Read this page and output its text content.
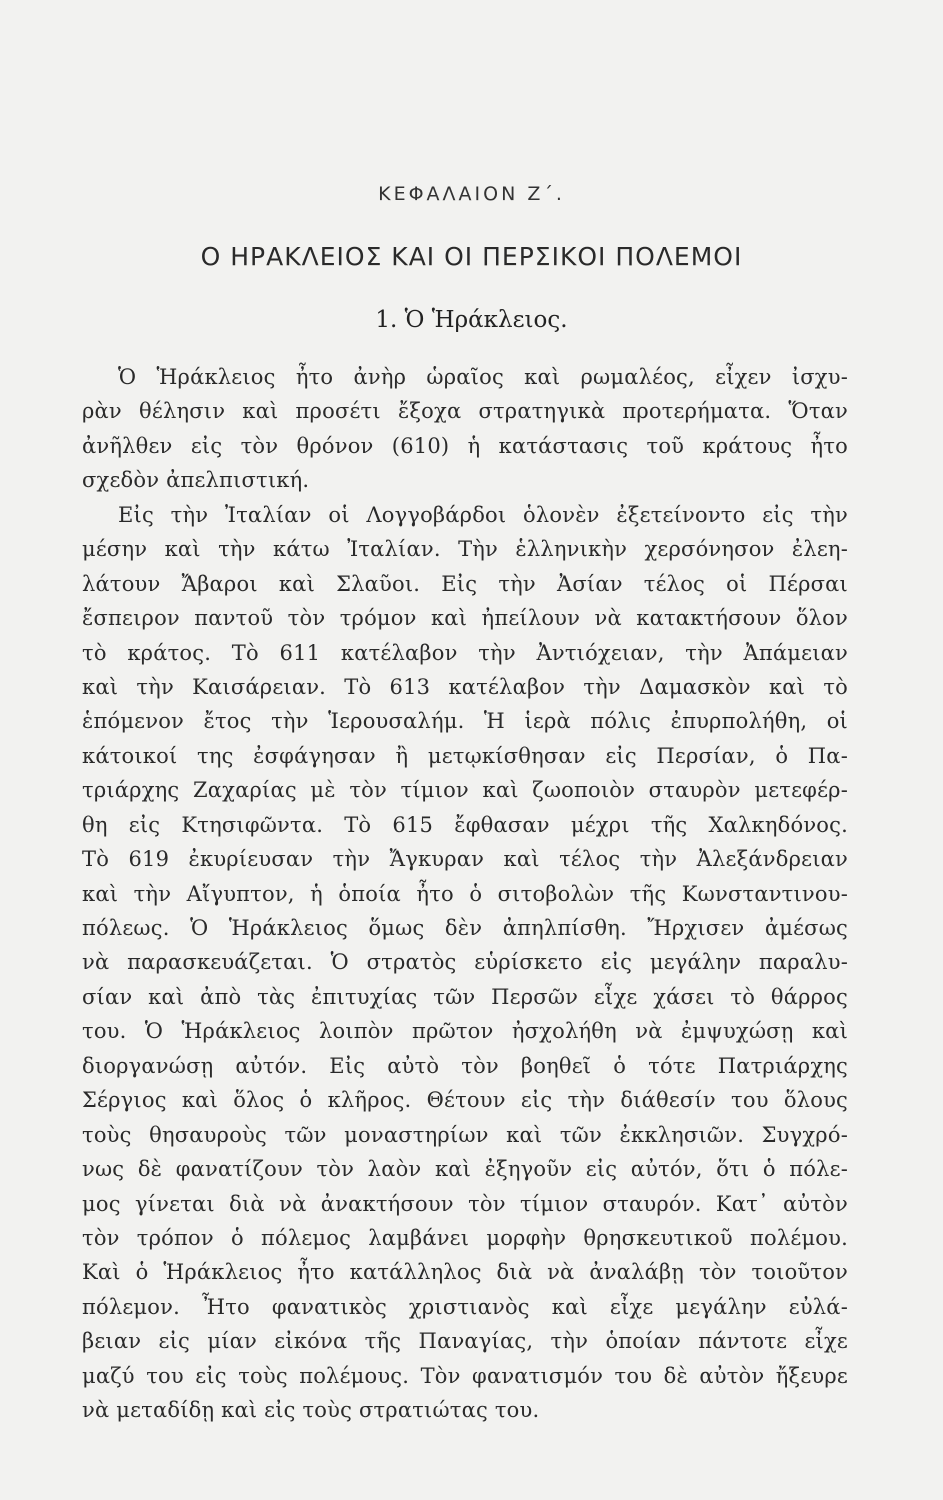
ΚΕΦΑΛΑΙΟΝ Ζ΄.
Ο ΗΡΑΚΛΕΙΟΣ ΚΑΙ ΟΙ ΠΕΡΣΙΚΟΙ ΠΟΛΕΜΟΙ
1. Ὁ Ἡράκλειος.
Ὁ Ἡράκλειος ἦτο ἀνὴρ ὡραῖος καὶ ρωμαλέος, εἶχεν ἰσχυ-
ρὰν θέλησιν καὶ προσέτι ἔξοχα στρατηγικὰ προτερήματα. Ὅταν
ἀνῆλθεν εἰς τὸν θρόνον (610) ἡ κατάστασις τοῦ κράτους ἦτο
σχεδὸν ἀπελπιστική.
Εἰς τὴν Ἰταλίαν οἱ Λογγοβάρδοι ὁλονὲν ἐξετείνοντο εἰς τὴν
μέσην καὶ τὴν κάτω Ἰταλίαν. Τὴν ἑλληνικὴν χερσόνησον ἐλεη-
λάτουν Ἄβαροι καὶ Σλαῦοι. Εἰς τὴν Ἀσίαν τέλος οἱ Πέρσαι
ἔσπειρον παντοῦ τὸν τρόμον καὶ ἠπείλουν νὰ κατακτήσουν ὅλον
τὸ κράτος. Τὸ 611 κατέλαβον τὴν Ἀντιόχειαν, τὴν Ἀπάμειαν
καὶ τὴν Καισάρειαν. Τὸ 613 κατέλαβον τὴν Δαμασκὸν καὶ τὸ
ἑπόμενον ἔτος τὴν Ἱερουσαλήμ. Ἡ ἱερὰ πόλις ἐπυρπολήθη, οἱ
κάτοικοί της ἐσφάγησαν ἢ μετῳκίσθησαν εἰς Περσίαν, ὁ Πα-
τριάρχης Ζαχαρίας μὲ τὸν τίμιον καὶ ζωοποιὸν σταυρὸν μετεφέρ-
θη εἰς Κτησιφῶντα. Τὸ 615 ἔφθασαν μέχρι τῆς Χαλκηδόνος.
Τὸ 619 ἐκυρίευσαν τὴν Ἄγκυραν καὶ τέλος τὴν Ἀλεξάνδρειαν
καὶ τὴν Αἴγυπτον, ἡ ὁποία ἦτο ὁ σιτοβολὼν τῆς Κωνσταντινου-
πόλεως. Ὁ Ἡράκλειος ὅμως δὲν ἀπηλπίσθη. Ἤρχισεν ἀμέσως
νὰ παρασκευάζεται. Ὁ στρατὸς εὑρίσκετο εἰς μεγάλην παραλυ-
σίαν καὶ ἀπὸ τὰς ἐπιτυχίας τῶν Περσῶν εἶχε χάσει τὸ θάρρος
του. Ὁ Ἡράκλειος λοιπὸν πρῶτον ἠσχολήθη νὰ ἐμψυχώσῃ καὶ
διοργανώσῃ αὐτόν. Εἰς αὐτὸ τὸν βοηθεῖ ὁ τότε Πατριάρχης
Σέργιος καὶ ὅλος ὁ κλῆρος. Θέτουν εἰς τὴν διάθεσίν του ὅλους
τοὺς θησαυροὺς τῶν μοναστηρίων καὶ τῶν ἐκκλησιῶν. Συγχρό-
νως δὲ φανατίζουν τὸν λαὸν καὶ ἐξηγοῦν εἰς αὐτόν, ὅτι ὁ πόλε-
μος γίνεται διὰ νὰ ἀνακτήσουν τὸν τίμιον σταυρόν. Κατ᾿ αὐτὸν
τὸν τρόπον ὁ πόλεμος λαμβάνει μορφὴν θρησκευτικοῦ πολέμου.
Καὶ ὁ Ἡράκλειος ἦτο κατάλληλος διὰ νὰ ἀναλάβῃ τὸν τοιοῦτον
πόλεμον. Ἦτο φανατικὸς χριστιανὸς καὶ εἶχε μεγάλην εὐλά-
βειαν εἰς μίαν εἰκόνα τῆς Παναγίας, τὴν ὁποίαν πάντοτε εἶχε
μαζύ του εἰς τοὺς πολέμους. Τὸν φανατισμόν του δὲ αὐτὸν ἤξευρε
νὰ μεταδίδῃ καὶ εἰς τοὺς στρατιώτας του.
